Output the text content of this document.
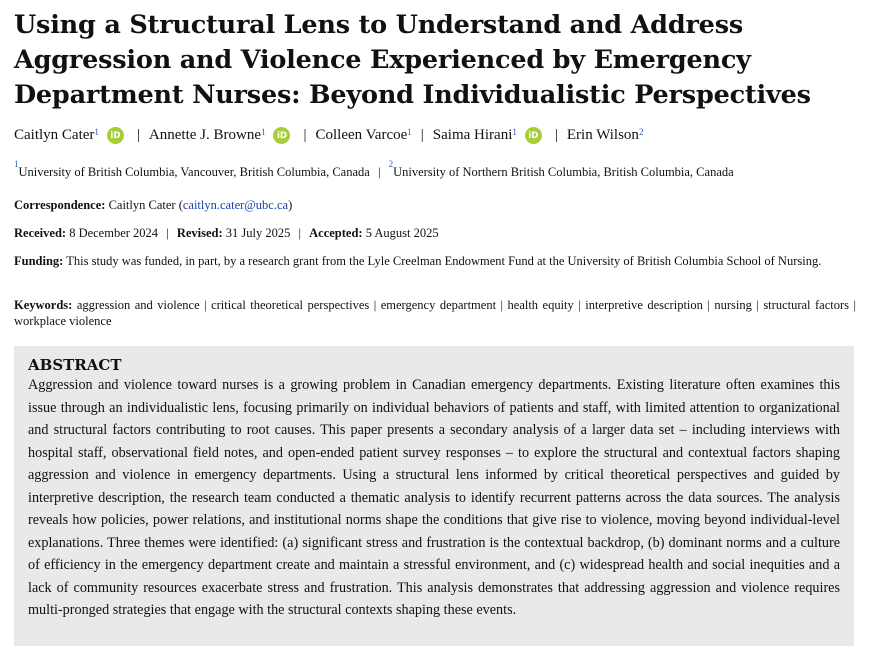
Using a Structural Lens to Understand and Address Aggression and Violence Experienced by Emergency Department Nurses: Beyond Individualistic Perspectives
Caitlyn Cater$^1$	iD | Annette J. Browne$^1$	iD | Colleen Varcoe$^1$ | Saima Hirani$^1$	iD | Erin Wilson$^2$
$^1$University of British Columbia, Vancouver, British Columbia, Canada | $^2$University of Northern British Columbia, British Columbia, Canada
Correspondence: Caitlyn Cater (caitlyn.cater@ubc.ca)
Received: 8 December 2024 | Revised: 31 July 2025 | Accepted: 5 August 2025
Funding: This study was funded, in part, by a research grant from the Lyle Creelman Endowment Fund at the University of British Columbia School of Nursing.
Keywords: aggression and violence | critical theoretical perspectives | emergency department | health equity | interpretive description | nursing | structural factors | workplace violence
ABSTRACT

Aggression and violence toward nurses is a growing problem in Canadian emergency departments. Existing literature often examines this issue through an individualistic lens, focusing primarily on individual behaviors of patients and staff, with limited attention to organizational and structural factors contributing to root causes. This paper presents a secondary analysis of a larger data set – including interviews with hospital staff, observational field notes, and open-ended patient survey responses – to explore the structural and contextual factors shaping aggression and violence in emergency departments. Using a structural lens informed by critical theoretical perspectives and guided by interpretive description, the research team conducted a thematic analysis to identify recurrent patterns across the data sources. The analysis reveals how policies, power relations, and institutional norms shape the conditions that give rise to violence, moving beyond individual-level explanations. Three themes were identified: (a) significant stress and frustration is the contextual backdrop, (b) dominant norms and a culture of efficiency in the emergency department create and maintain a stressful environment, and (c) widespread health and social inequities and a lack of community resources exacerbate stress and frustration. This analysis demonstrates that addressing aggression and violence requires multi-pronged strategies that engage with the structural contexts shaping these events.
